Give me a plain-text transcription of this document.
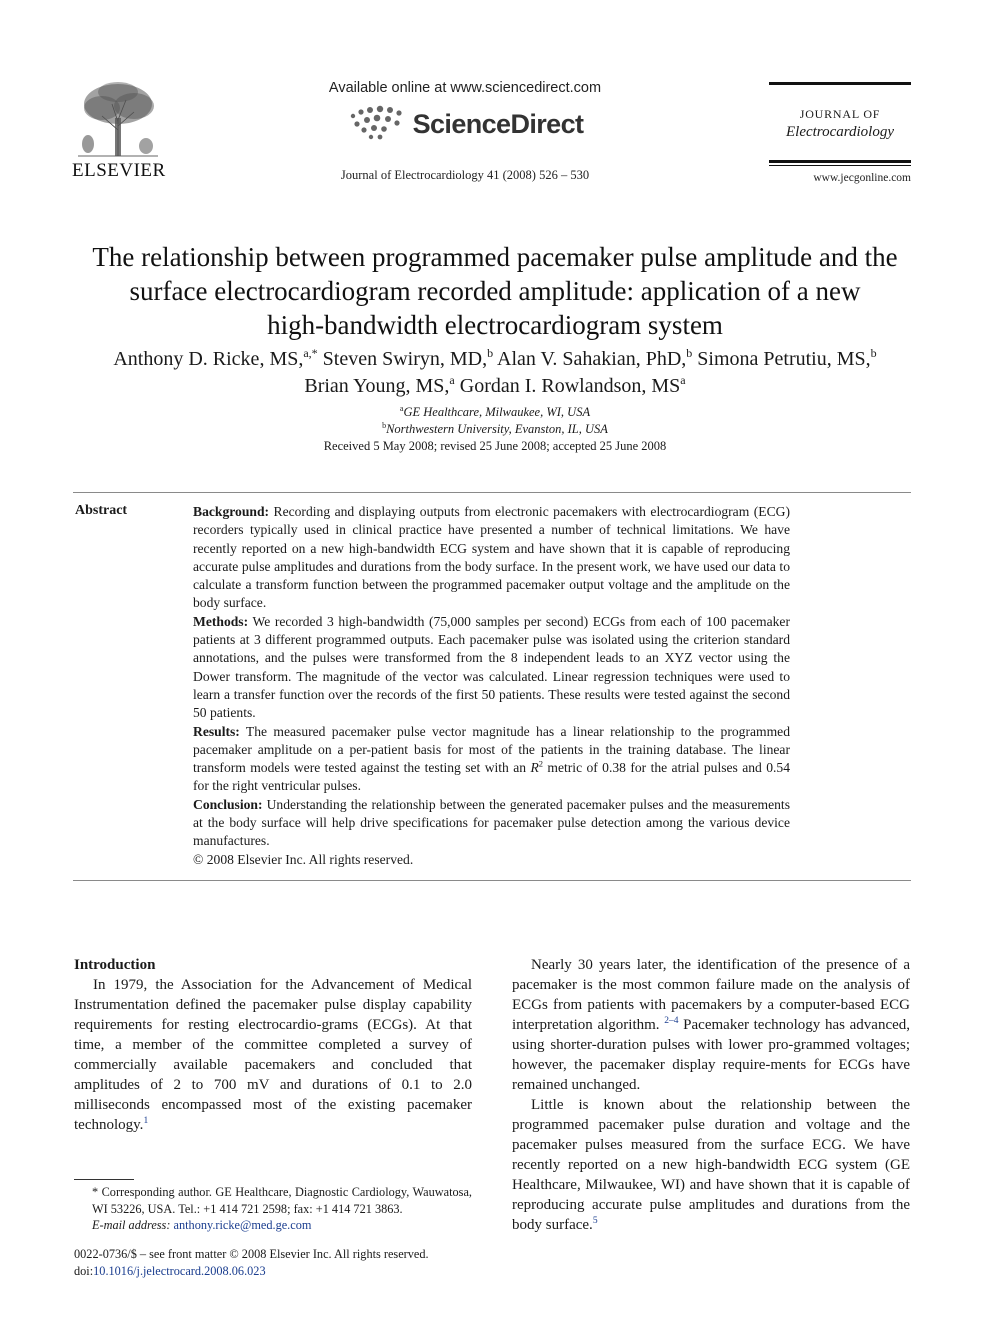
ELSEVIER
Available online at www.sciencedirect.com
ScienceDirect
Journal of Electrocardiology 41 (2008) 526 – 530
JOURNAL OF
Electrocardiology
www.jecgonline.com
The relationship between programmed pacemaker pulse amplitude and the
surface electrocardiogram recorded amplitude: application of a new
high-bandwidth electrocardiogram system
Anthony D. Ricke, MS,$^{a,*}$ Steven Swiryn, MD,$^b$ Alan V. Sahakian, PhD,$^b$ Simona Petrutiu, MS,$^b$
Brian Young, MS,$^a$ Gordan I. Rowlandson, $MS^a$
$^a$GE Healthcare, Milwaukee, WI, USA
$^b$Northwestern University, Evanston, IL, USA
Received 5 May 2008; revised 25 June 2008; accepted 25 June 2008
Abstract	Background: Recording and displaying outputs from electronic pacemakers with electrocardiogram (ECG) recorders typically used in clinical practice have presented a number of technical limitations. We have recently reported on a new high-bandwidth ECG system and have shown that it is capable of reproducing accurate pulse amplitudes and durations from the body surface. In the present work, we have used our data to calculate a transform function between the programmed pacemaker output voltage and the amplitude on the body surface.

Methods: We recorded 3 high-bandwidth (75,000 samples per second) ECGs from each of 100 pacemaker patients at 3 different programmed outputs. Each pacemaker pulse was isolated using the criterion standard annotations, and the pulses were transformed from the 8 independent leads to an XYZ vector using the Dower transform. The magnitude of the vector was calculated. Linear regression techniques were used to learn a transfer function over the records of the first 50 patients. These results were tested against the second 50 patients.

Results: The measured pacemaker pulse vector magnitude has a linear relationship to the programmed pacemaker amplitude on a per-patient basis for most of the patients in the training database. The linear transform models were tested against the testing set with an $R^2$ metric of 0.38 for the atrial pulses and 0.54 for the right ventricular pulses.

Conclusion: Understanding the relationship between the generated pacemaker pulses and the measurements at the body surface will help drive specifications for pacemaker pulse detection among the various device manufactures.

© 2008 Elsevier Inc. All rights reserved.

Introduction

In 1979, the Association for the Advancement of Medical Instrumentation defined the pacemaker pulse display capability requirements for resting electrocardio-grams (ECGs). At that time, a member of the committee completed a survey of commercially available pacemakers and concluded that amplitudes of 2 to 700 mV and durations of 0.1 to 2.0 milliseconds encompassed most of the existing pacemaker technology.$^1$

Nearly 30 years later, the identification of the presence of a pacemaker is the most common failure made on the analysis of ECGs from patients with pacemakers by a computer-based ECG interpretation algorithm. $^{2-4}$ Pacemaker technology has advanced, using shorter-duration pulses with lower pro-grammed voltages; however, the pacemaker display require-ments for ECGs have remained unchanged.

Little is known about the relationship between the programmed pacemaker pulse duration and voltage and the pacemaker pulses measured from the surface ECG. We have recently reported on a new high-bandwidth ECG system (GE Healthcare, Milwaukee, WI) and have shown that it is capable of reproducing accurate pulse amplitudes and durations from the body surface.$^5$

* Corresponding author. GE Healthcare, Diagnostic Cardiology, Wauwatosa, WI 53226, USA. Tel.: +1 414 721 2598; fax: +1 414 721 3863.

E-mail address: anthony.ricke@med.ge.com

0022-0736/$ – see front matter © 2008 Elsevier Inc. All rights reserved.
doi:10.1016/j.jelectrocard.2008.06.023
